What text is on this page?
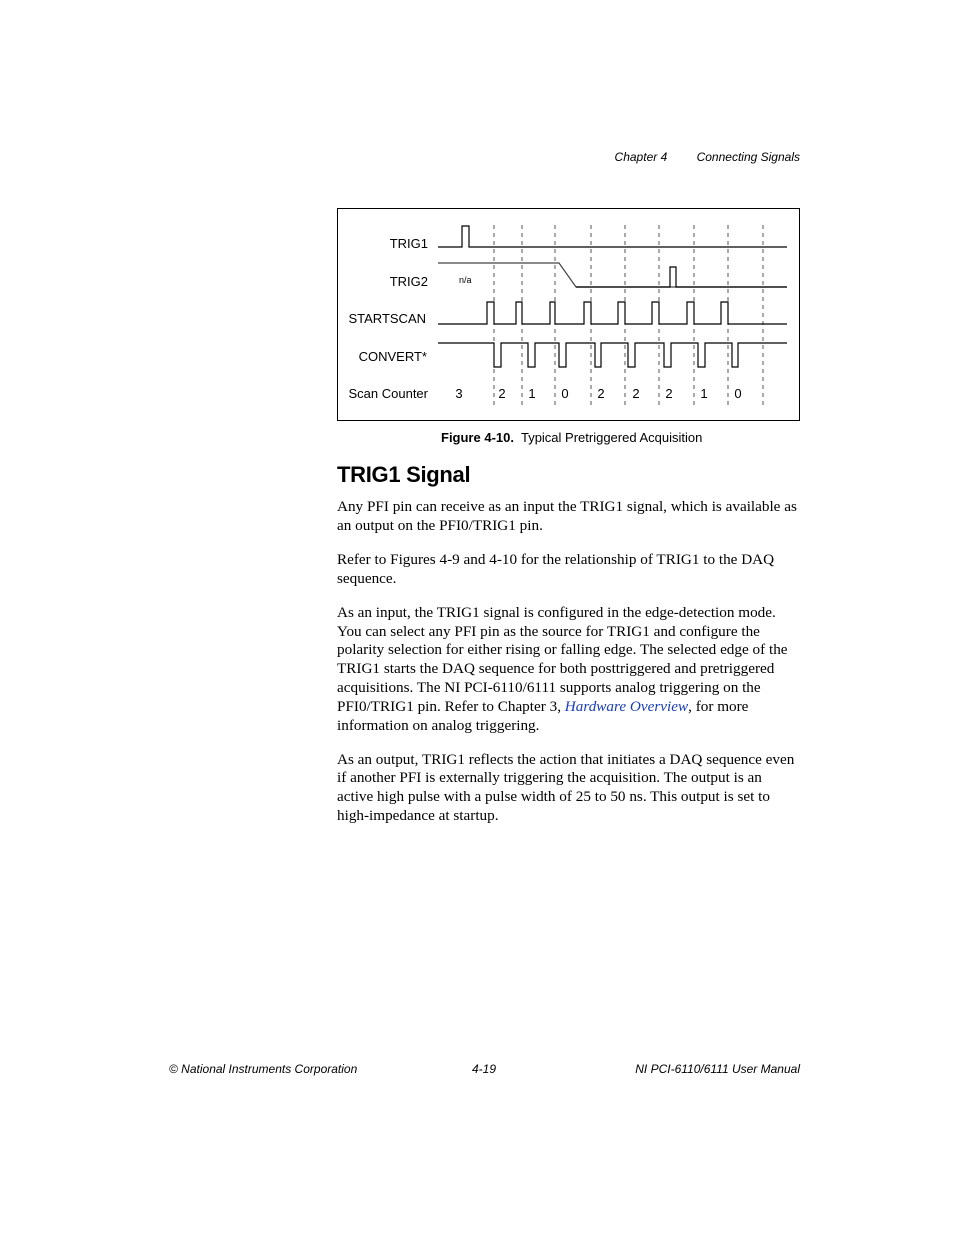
Chapter 4 Connecting Signals
TRIG1
TRIG2
STARTSCAN
CONVERT*
Scan Counter
n/a
3	2 1 0 2 2 2 1 0
Figure 4-10. Typical Pretriggered Acquisition
TRIG1 Signal

Any PFI pin can receive as an input the TRIG1 signal, which is available as an output on the PFI0/TRIG1 pin.

Refer to Figures 4-9 and 4-10 for the relationship of TRIG1 to the DAQ sequence.

As an input, the TRIG1 signal is configured in the edge-detection mode. You can select any PFI pin as the source for TRIG1 and configure the polarity selection for either rising or falling edge. The selected edge of the TRIG1 starts the DAQ sequence for both posttriggered and pretriggered acquisitions. The NI PCI-6110/6111 supports analog triggering on the PFI0/TRIG1 pin. Refer to Chapter 3, Hardware Overview, for more information on analog triggering.

As an output, TRIG1 reflects the action that initiates a DAQ sequence even if another PFI is externally triggering the acquisition. The output is an active high pulse with a pulse width of 25 to 50 ns. This output is set to high-impedance at startup.

© National Instruments Corporation	4-19	NI PCI-6110/6111 User Manual
